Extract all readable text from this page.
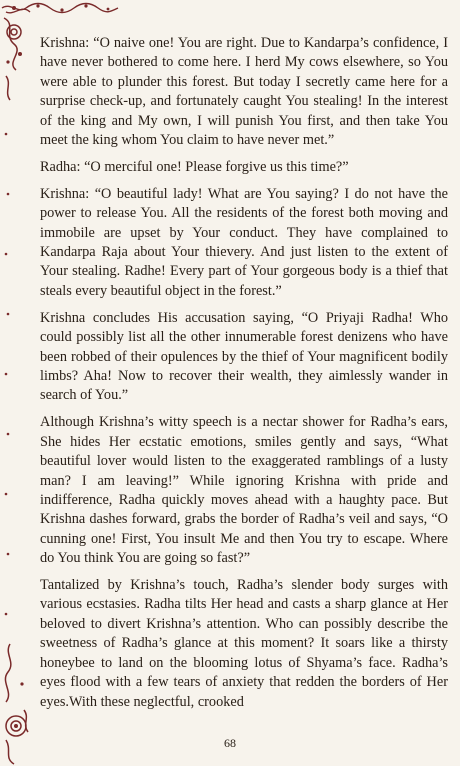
Krishna: “O naive one! You are right. Due to Kandarpa’s confidence, I have never bothered to come here. I herd My cows elsewhere, so You were able to plunder this forest. But today I secretly came here for a surprise check-up, and fortunately caught You stealing! In the interest of the king and My own, I will punish You first, and then take You meet the king whom You claim to have never met.”

Radha: “O merciful one! Please forgive us this time?”

Krishna: “O beautiful lady! What are You saying? I do not have the power to release You. All the residents of the forest both moving and immobile are upset by Your conduct. They have complained to Kandarpa Raja about Your thievery. And just listen to the extent of Your stealing. Radhe! Every part of Your gorgeous body is a thief that steals every beautiful object in the forest.”

Krishna concludes His accusation saying, “O Priyaji Radha! Who could possibly list all the other innumerable forest denizens who have been robbed of their opulences by the thief of Your magnificent bodily limbs? Aha! Now to recover their wealth, they aimlessly wander in search of You.”

Although Krishna’s witty speech is a nectar shower for Radha’s ears, She hides Her ecstatic emotions, smiles gently and says, “What beautiful lover would listen to the exaggerated ramblings of a lusty man? I am leaving!” While ignoring Krishna with pride and indifference, Radha quickly moves ahead with a haughty pace. But Krishna dashes forward, grabs the border of Radha’s veil and says, “O cunning one! First, You insult Me and then You try to escape. Where do You think You are going so fast?”

Tantalized by Krishna’s touch, Radha’s slender body surges with various ecstasies. Radha tilts Her head and casts a sharp glance at Her beloved to divert Krishna’s attention. Who can possibly describe the sweetness of Radha’s glance at this moment? It soars like a thirsty honeybee to land on the blooming lotus of Shyama’s face. Radha’s eyes flood with a few tears of anxiety that redden the borders of Her eyes.With these neglectful, crooked

68
